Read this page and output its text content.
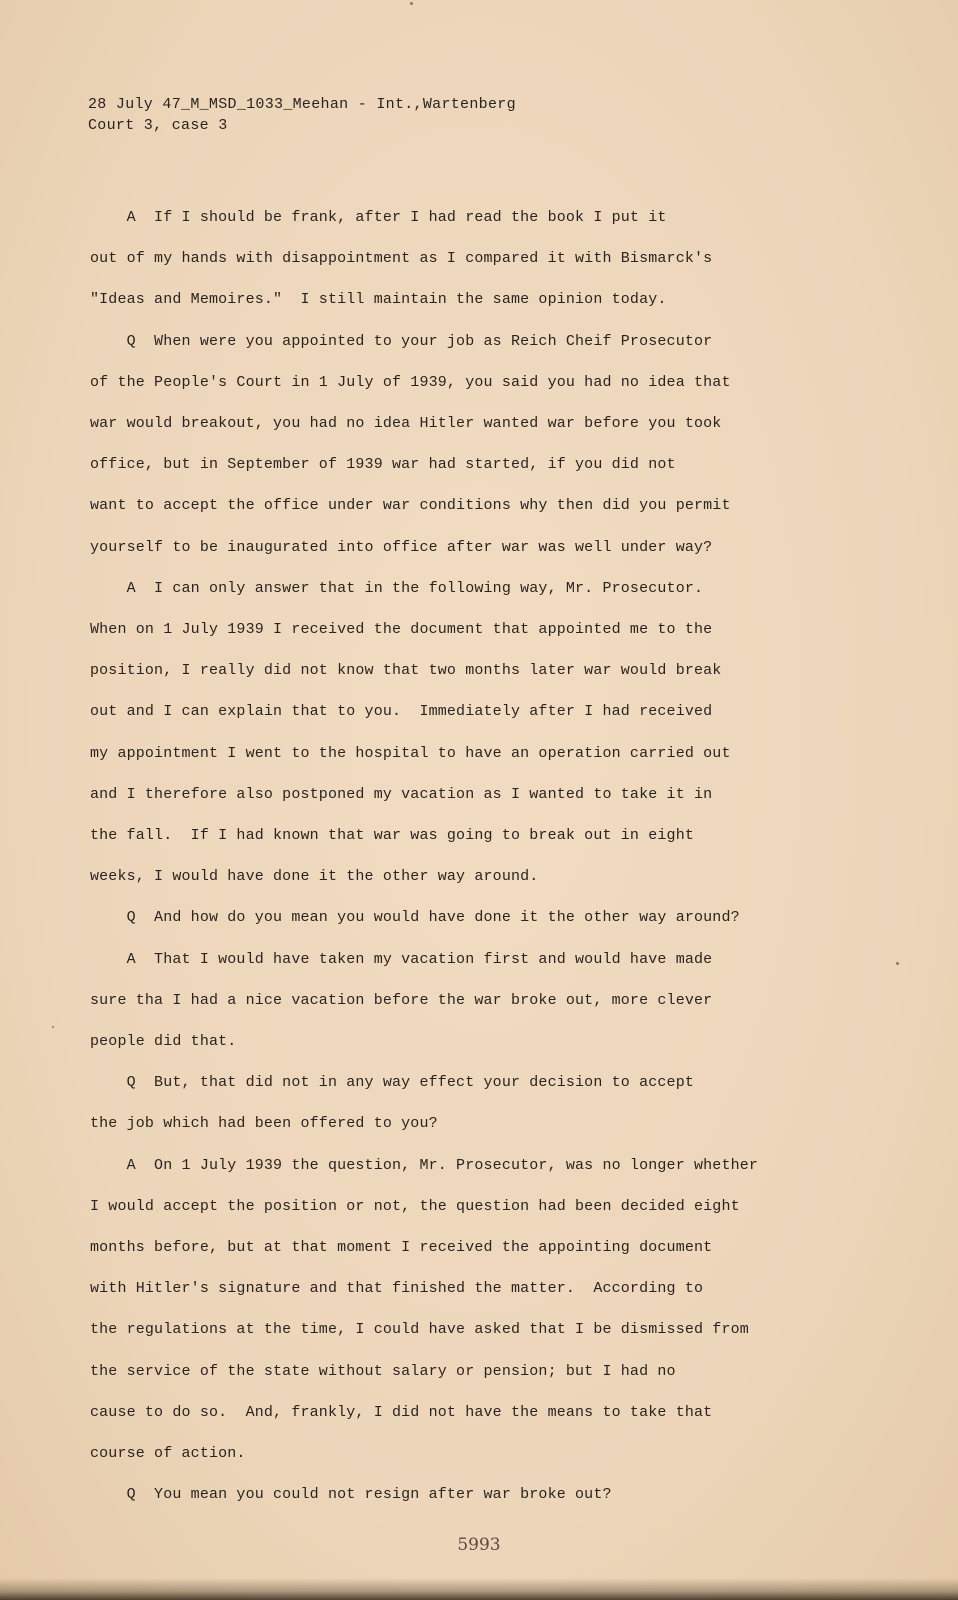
28 July 47_M_MSD_1033_Meehan - Int.,Wartenberg
Court 3, case 3
A  If I should be frank, after I had read the book I put it
out of my hands with disappointment as I compared it with Bismarck's
"Ideas and Memoires."  I still maintain the same opinion today.
Q  When were you appointed to your job as Reich Cheif Prosecutor
of the People's Court in 1 July of 1939, you said you had no idea that
war would breakout, you had no idea Hitler wanted war before you took
office, but in September of 1939 war had started, if you did not
want to accept the office under war conditions why then did you permit
yourself to be inaugurated into office after war was well under way?
A  I can only answer that in the following way, Mr. Prosecutor.
When on 1 July 1939 I received the document that appointed me to the
position, I really did not know that two months later war would break
out and I can explain that to you.  Immediately after I had received
my appointment I went to the hospital to have an operation carried out
and I therefore also postponed my vacation as I wanted to take it in
the fall.  If I had known that war was going to break out in eight
weeks, I would have done it the other way around.
Q  And how do you mean you would have done it the other way around?
A  That I would have taken my vacation first and would have made
sure tha I had a nice vacation before the war broke out, more clever
people did that.
Q  But, that did not in any way effect your decision to accept
the job which had been offered to you?
A  On 1 July 1939 the question, Mr. Prosecutor, was no longer whether
I would accept the position or not, the question had been decided eight
months before, but at that moment I received the appointing document
with Hitler's signature and that finished the matter.  According to
the regulations at the time, I could have asked that I be dismissed from
the service of the state without salary or pension; but I had no
cause to do so.  And, frankly, I did not have the means to take that
course of action.
Q  You mean you could not resign after war broke out?
5993
